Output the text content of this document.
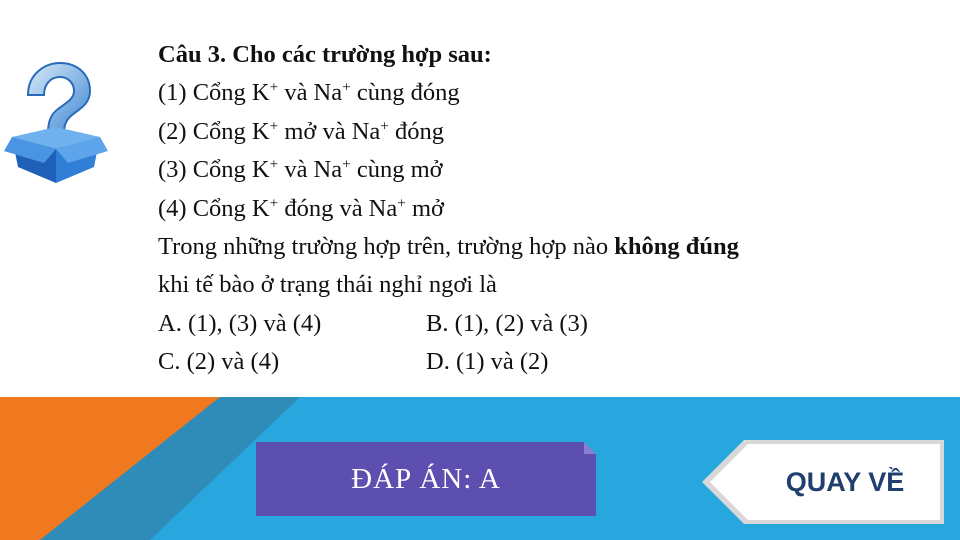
Câu 3. Cho các trường hợp sau:
(1) Cổng K+ và Na+ cùng đóng
(2) Cổng K+ mở và Na+ đóng
(3) Cổng K+ và Na+ cùng mở
(4) Cổng K+ đóng và Na+ mở
Trong những trường hợp trên, trường hợp nào không đúng
khi tế bào ở trạng thái nghỉ ngơi là
A. (1), (3) và (4)	B. (1), (2) và (3)
C. (2) và (4)	D. (1) và (2)
ĐÁP ÁN: A	QUAY VỀ
